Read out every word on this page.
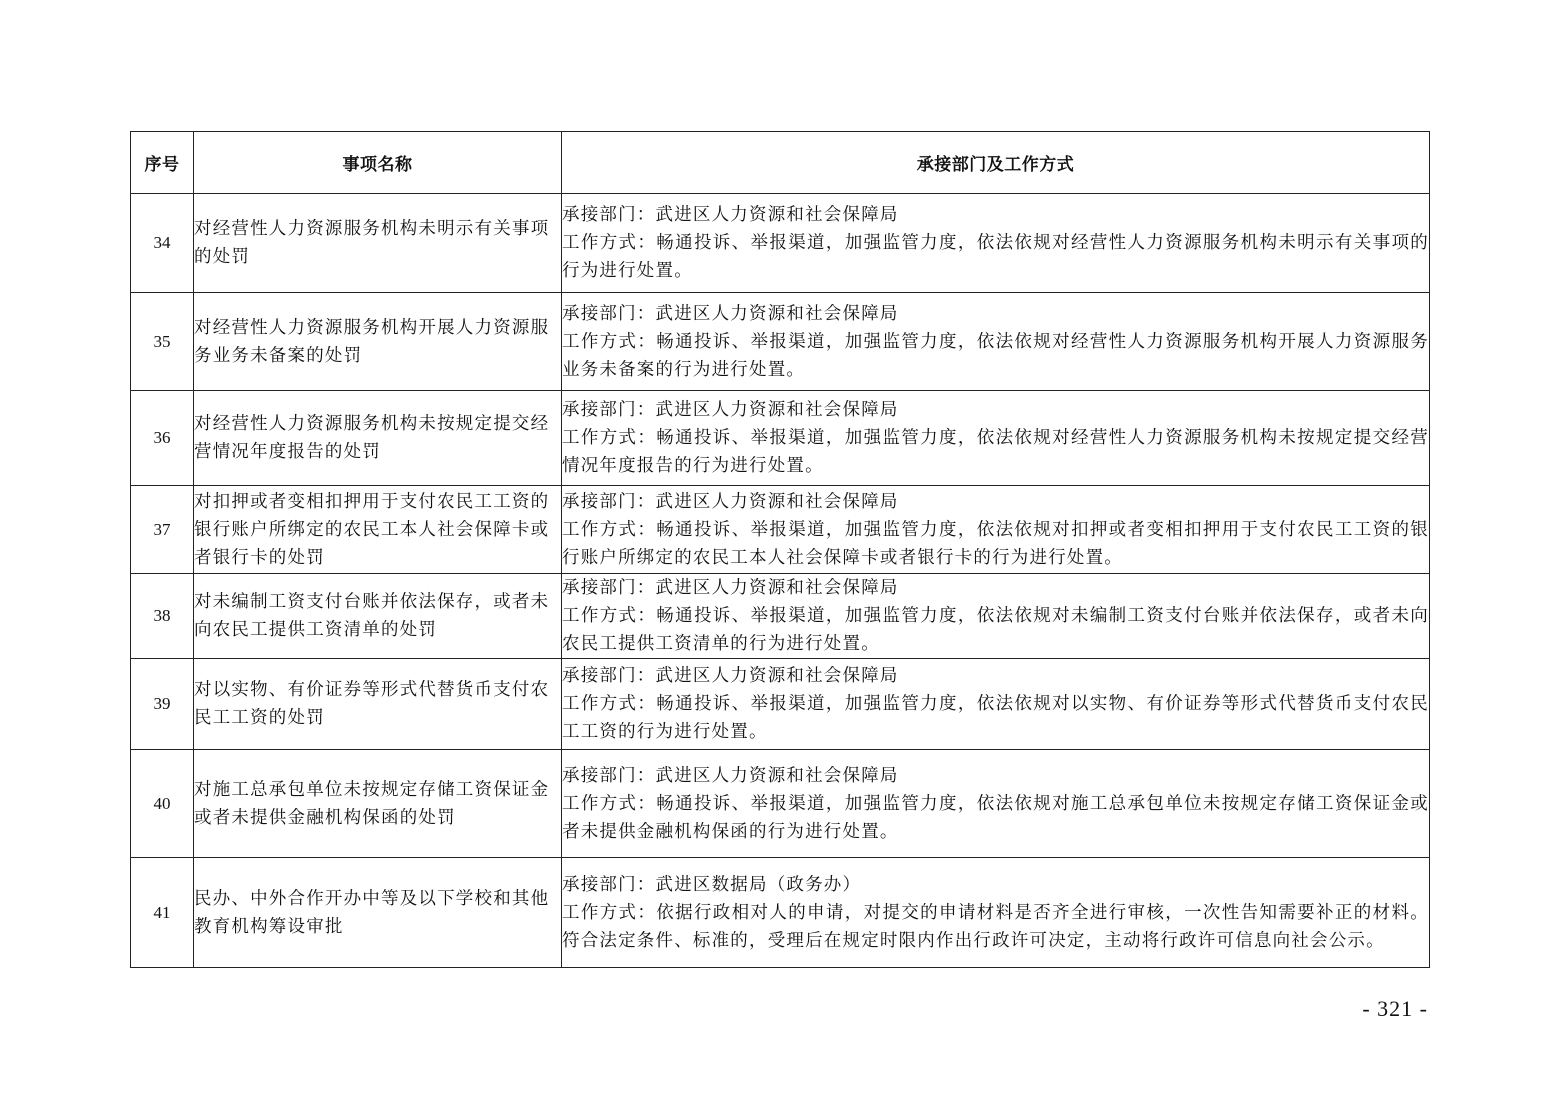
序号	事项名称	承接部门及工作方式
34	对经营性人力资源服务机构未明示有关事项的处罚	承接部门：武进区人力资源和社会保障局
工作方式：畅通投诉、举报渠道，加强监管力度，依法依规对经营性人力资源服务机构未明示有关事项的行为进行处置。

35	对经营性人力资源服务机构开展人力资源服务业务未备案的处罚	承接部门：武进区人力资源和社会保障局
工作方式：畅通投诉、举报渠道，加强监管力度，依法依规对经营性人力资源服务机构开展人力资源服务业务未备案的行为进行处置。

36	对经营性人力资源服务机构未按规定提交经营情况年度报告的处罚	承接部门：武进区人力资源和社会保障局
工作方式：畅通投诉、举报渠道，加强监管力度，依法依规对经营性人力资源服务机构未按规定提交经营情况年度报告的行为进行处置。

37	对扣押或者变相扣押用于支付农民工工资的银行账户所绑定的农民工本人社会保障卡或者银行卡的处罚	承接部门：武进区人力资源和社会保障局
工作方式：畅通投诉、举报渠道，加强监管力度，依法依规对扣押或者变相扣押用于支付农民工工资的银行账户所绑定的农民工本人社会保障卡或者银行卡的行为进行处置。

38	对未编制工资支付台账并依法保存，或者未向农民工提供工资清单的处罚	承接部门：武进区人力资源和社会保障局
工作方式：畅通投诉、举报渠道，加强监管力度，依法依规对未编制工资支付台账并依法保存，或者未向农民工提供工资清单的行为进行处置。

39	对以实物、有价证券等形式代替货币支付农民工工资的处罚	承接部门：武进区人力资源和社会保障局
工作方式：畅通投诉、举报渠道，加强监管力度，依法依规对以实物、有价证券等形式代替货币支付农民工工资的行为进行处置。

40	对施工总承包单位未按规定存储工资保证金或者未提供金融机构保函的处罚	承接部门：武进区人力资源和社会保障局
工作方式：畅通投诉、举报渠道，加强监管力度，依法依规对施工总承包单位未按规定存储工资保证金或者未提供金融机构保函的行为进行处置。

41	民办、中外合作开办中等及以下学校和其他教育机构筹设审批	承接部门：武进区数据局（政务办）
工作方式：依据行政相对人的申请，对提交的申请材料是否齐全进行审核，一次性告知需要补正的材料。符合法定条件、标准的，受理后在规定时限内作出行政许可决定，主动将行政许可信息向社会公示。
- 321 -
